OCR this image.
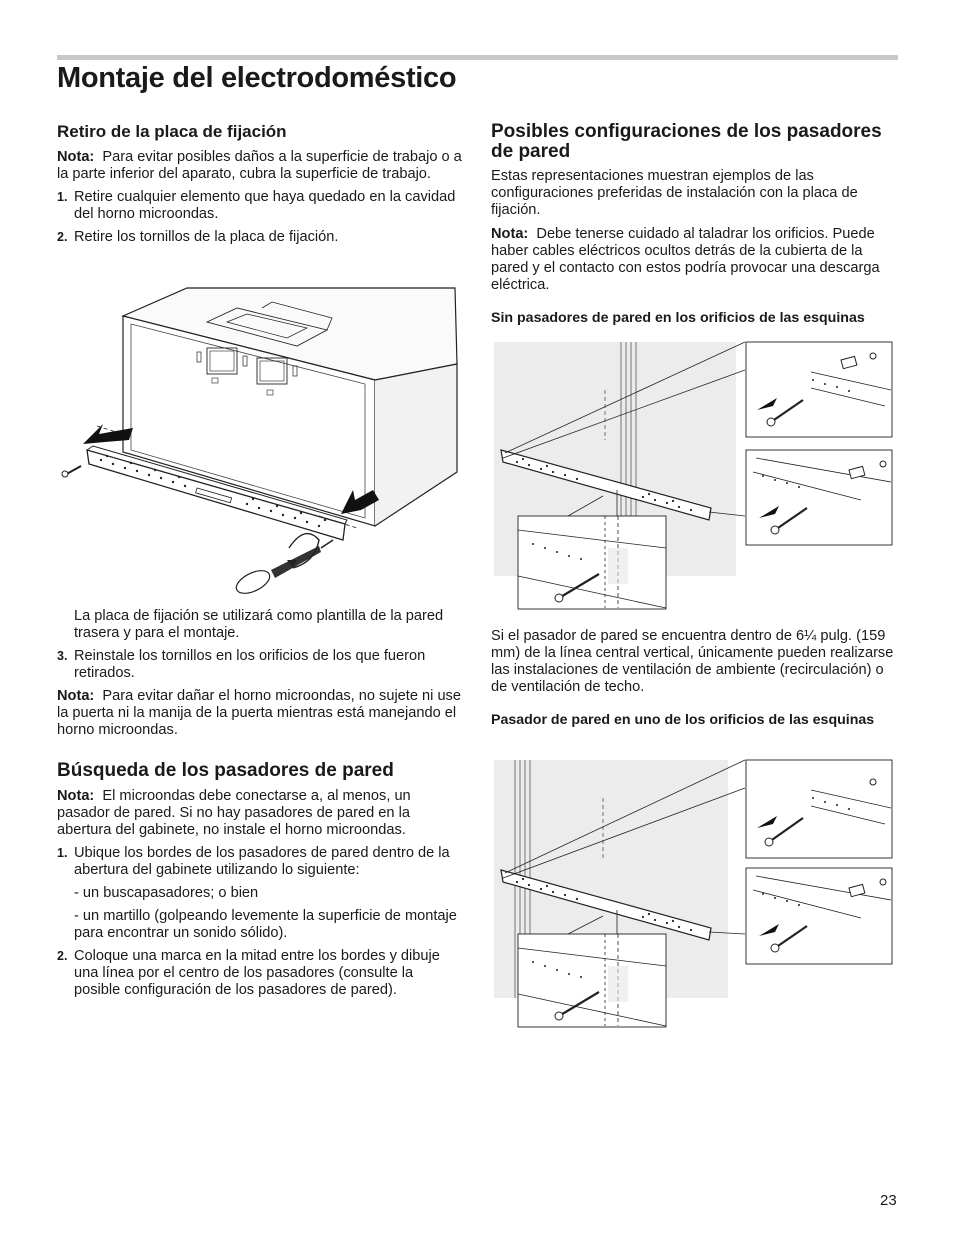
Montaje del electrodoméstico
Retiro de la placa de fijación

Nota: Para evitar posibles daños a la superficie de trabajo o a la parte inferior del aparato, cubra la superficie de trabajo.

1. Retire cualquier elemento que haya quedado en la cavidad del horno microondas.
2. Retire los tornillos de la placa de fijación.

La placa de fijación se utilizará como plantilla de la pared trasera y para el montaje.

3. Reinstale los tornillos en los orificios de los que fueron retirados.

Nota: Para evitar dañar el horno microondas, no sujete ni use la puerta ni la manija de la puerta mientras está manejando el horno microondas.

Búsqueda de los pasadores de pared

Nota: El microondas debe conectarse a, al menos, un pasador de pared. Si no hay pasadores de pared en la abertura del gabinete, no instale el horno microondas.

1. Ubique los bordes de los pasadores de pared dentro de la abertura del gabinete utilizando lo siguiente:

- un buscapasadores; o bien

- un martillo (golpeando levemente la superficie de montaje para encontrar un sonido sólido).

2. Coloque una marca en la mitad entre los bordes y dibuje una línea por el centro de los pasadores (consulte la posible configuración de los pasadores de pared).
Posibles configuraciones de los pasadores de pared

Estas representaciones muestran ejemplos de las configuraciones preferidas de instalación con la placa de fijación.

Nota: Debe tenerse cuidado al taladrar los orificios. Puede haber cables eléctricos ocultos detrás de la cubierta de la pared y el contacto con estos podría provocar una descarga eléctrica.

Sin pasadores de pared en los orificios de las esquinas

Si el pasador de pared se encuentra dentro de 6¼ pulg. (159 mm) de la línea central vertical, únicamente pueden realizarse las instalaciones de ventilación de ambiente (recirculación) o de ventilación de techo.

Pasador de pared en uno de los orificios de las esquinas
23
